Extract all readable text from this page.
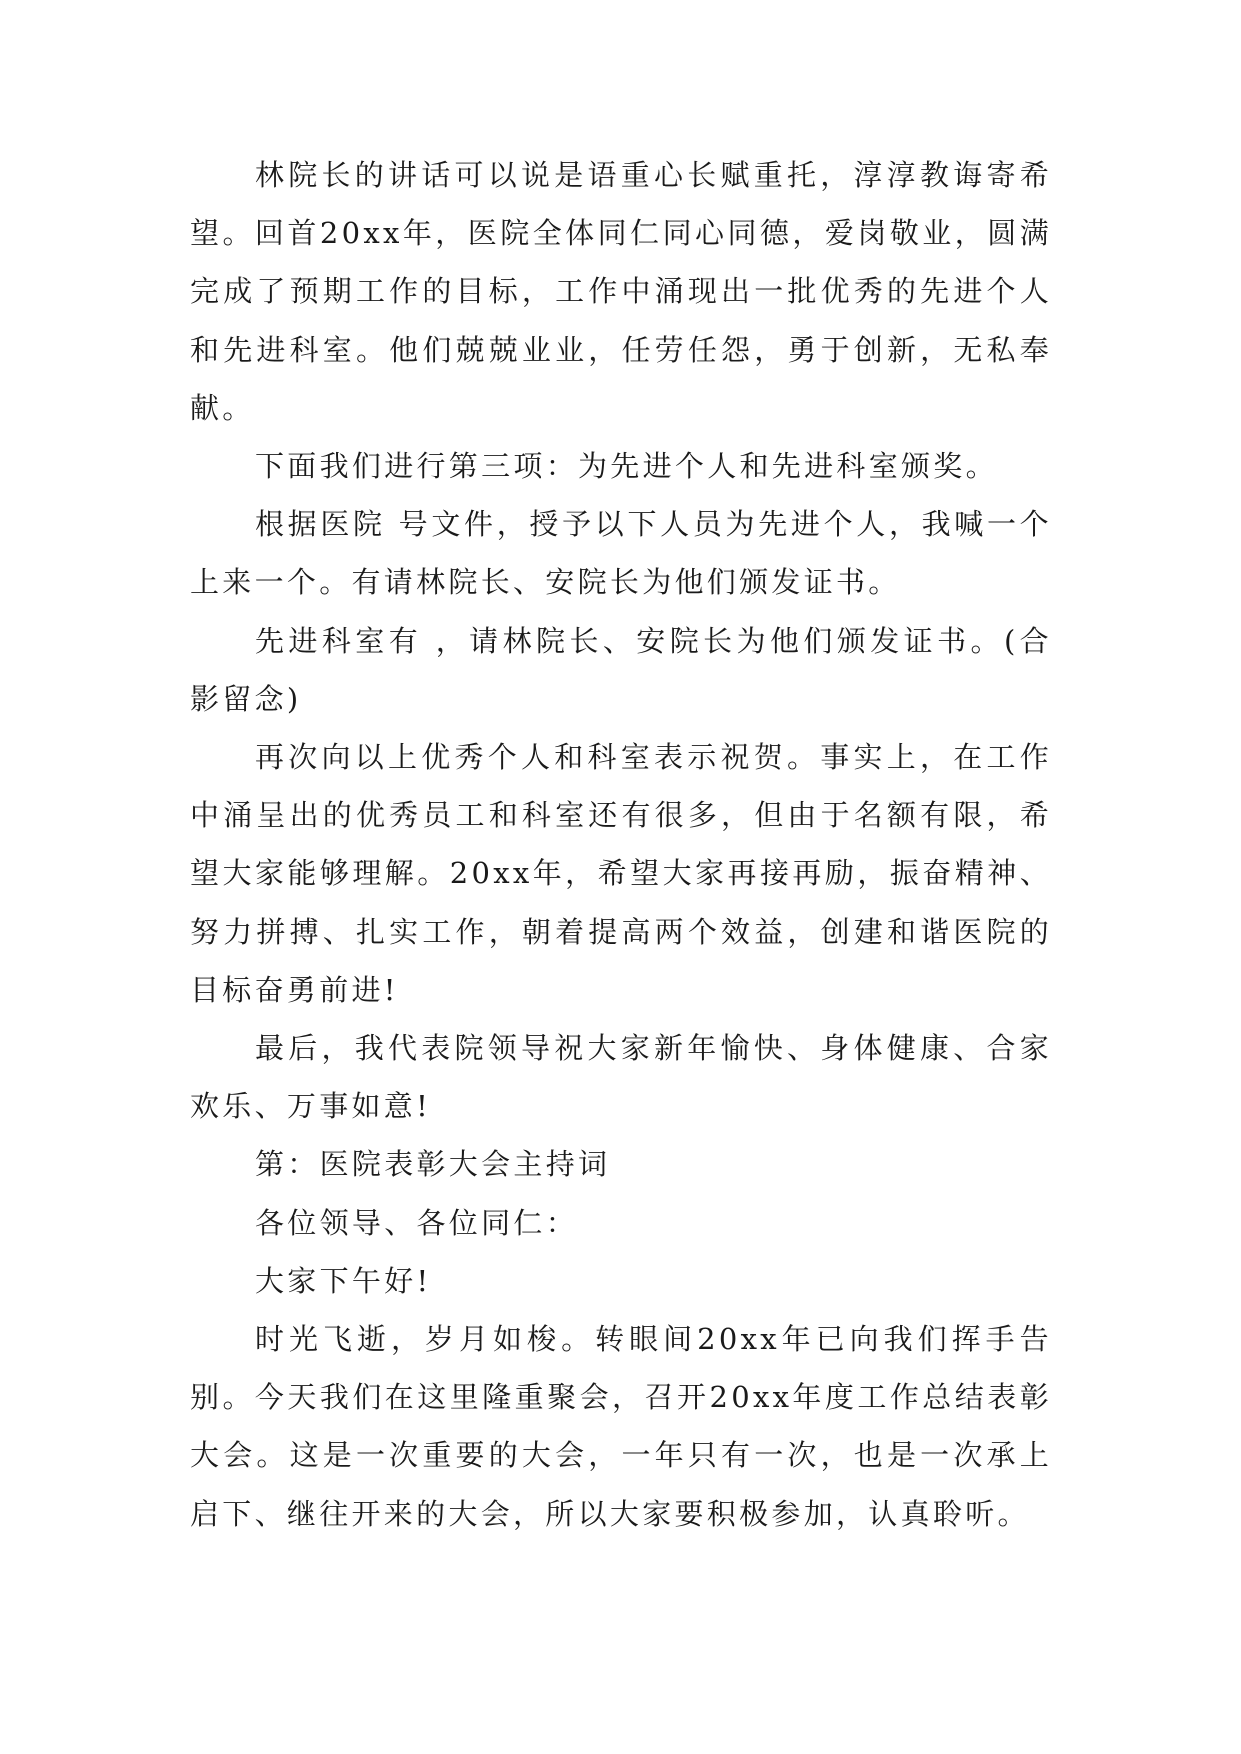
林院长的讲话可以说是语重心长赋重托，淳淳教诲寄希望。回首20xx年，医院全体同仁同心同德，爱岗敬业，圆满完成了预期工作的目标，工作中涌现出一批优秀的先进个人和先进科室。他们兢兢业业，任劳任怨，勇于创新，无私奉献。

下面我们进行第三项：为先进个人和先进科室颁奖。

根据医院 号文件，授予以下人员为先进个人，我喊一个上来一个。有请林院长、安院长为他们颁发证书。

先进科室有 ，请林院长、安院长为他们颁发证书。(合影留念)

再次向以上优秀个人和科室表示祝贺。事实上，在工作中涌呈出的优秀员工和科室还有很多，但由于名额有限，希望大家能够理解。20xx年，希望大家再接再励，振奋精神、努力拼搏、扎实工作，朝着提高两个效益，创建和谐医院的目标奋勇前进!

最后，我代表院领导祝大家新年愉快、身体健康、合家欢乐、万事如意!

第：医院表彰大会主持词

各位领导、各位同仁：

大家下午好!

时光飞逝，岁月如梭。转眼间20xx年已向我们挥手告别。今天我们在这里隆重聚会，召开20xx年度工作总结表彰大会。这是一次重要的大会，一年只有一次，也是一次承上启下、继往开来的大会，所以大家要积极参加，认真聆听。
